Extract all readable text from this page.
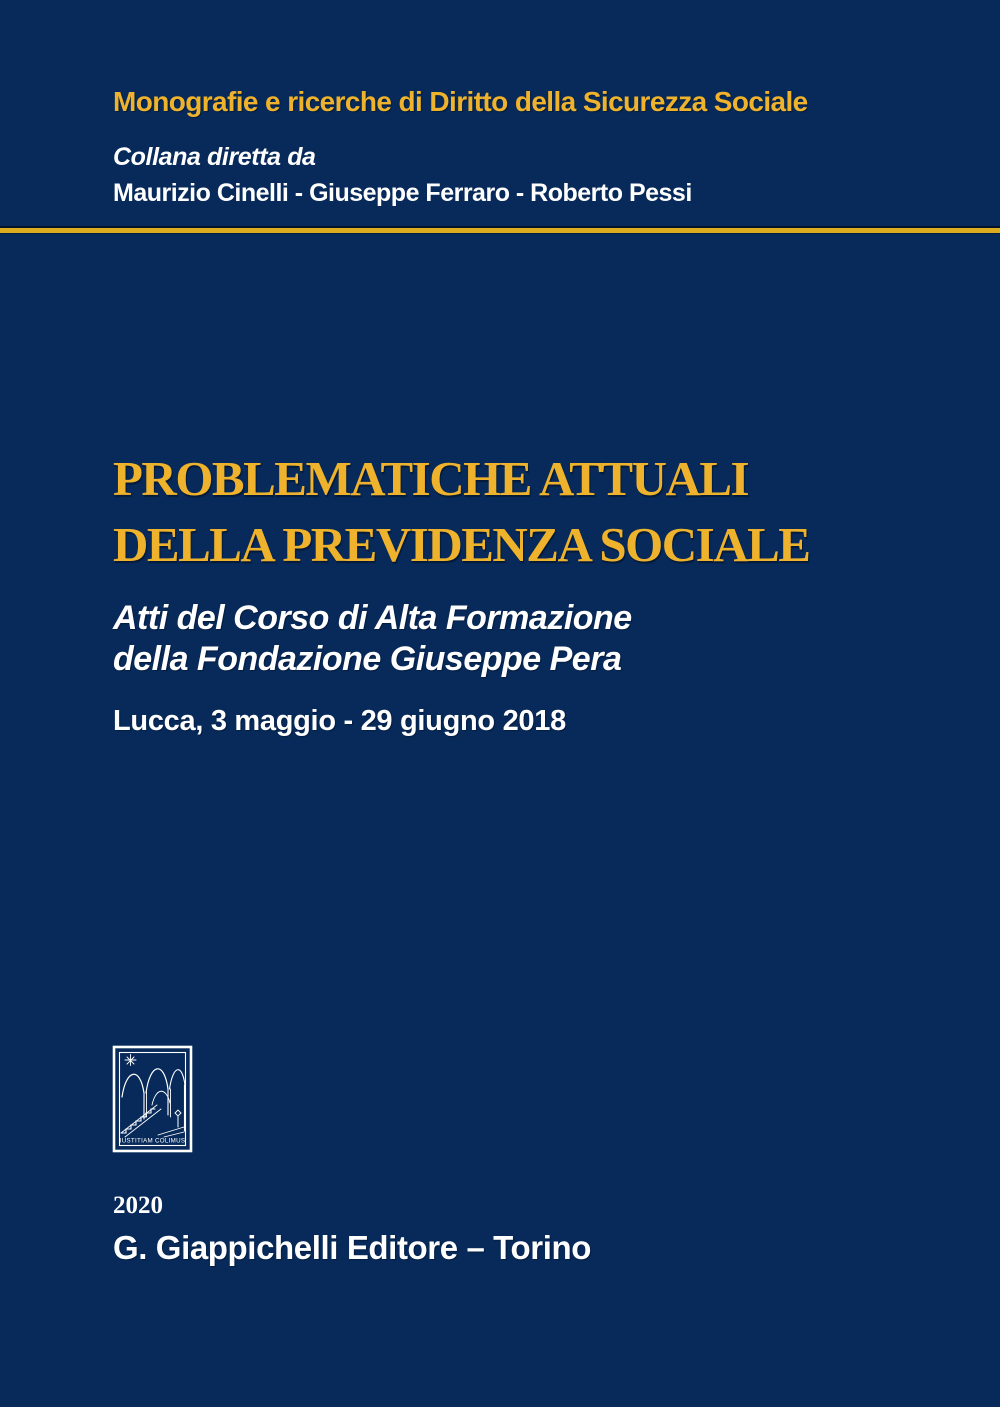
Monografie e ricerche di Diritto della Sicurezza Sociale
Collana diretta da
Maurizio Cinelli - Giuseppe Ferraro - Roberto Pessi
PROBLEMATICHE ATTUALI
DELLA PREVIDENZA SOCIALE
Atti del Corso di Alta Formazione
della Fondazione Giuseppe Pera
Lucca, 3 maggio - 29 giugno 2018
IUSTITIAM COLIMUS
2020
G. Giappichelli Editore – Torino
